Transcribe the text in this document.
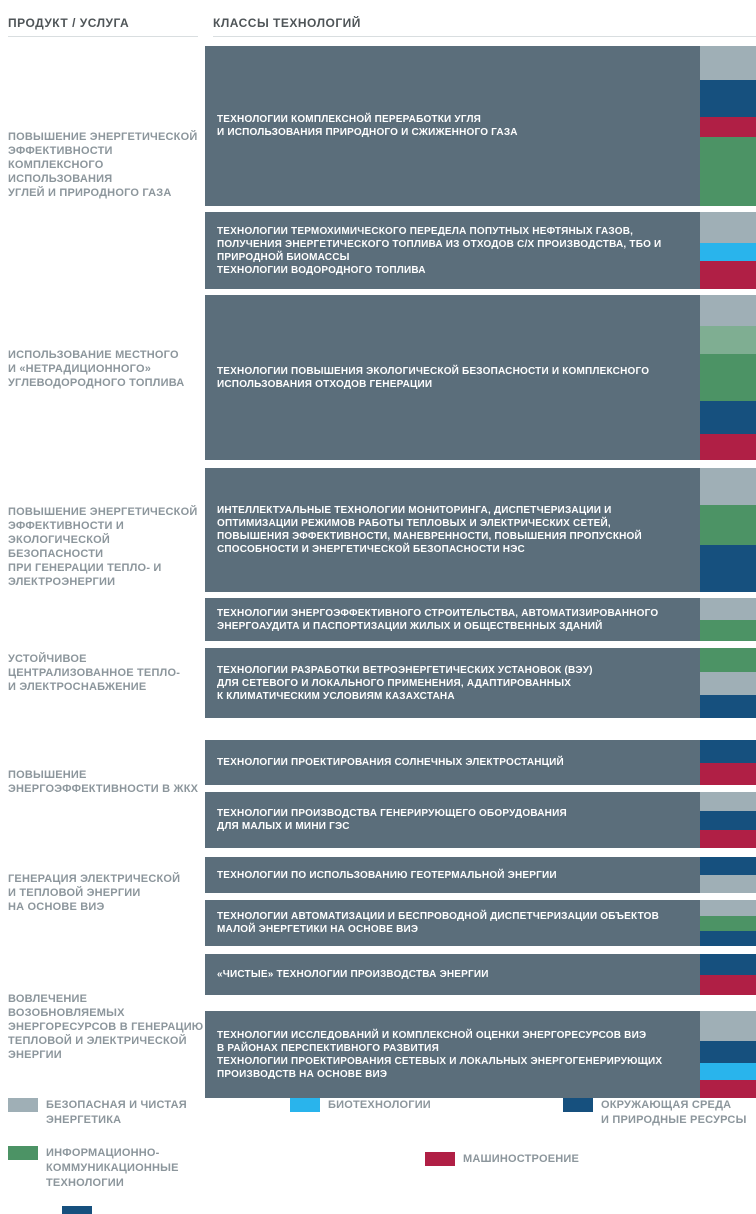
ПРОДУКТ / УСЛУГА	КЛАССЫ ТЕХНОЛОГИЙ
ПОВЫШЕНИЕ ЭНЕРГЕТИЧЕСКОЙ
ЭФФЕКТИВНОСТИ
КОМПЛЕКСНОГО ИСПОЛЬЗОВАНИЯ
УГЛЕЙ И ПРИРОДНОГО ГАЗА
ИСПОЛЬЗОВАНИЕ МЕСТНОГО
И «НЕТРАДИЦИОННОГО»
УГЛЕВОДОРОДНОГО ТОПЛИВА
ПОВЫШЕНИЕ ЭНЕРГЕТИЧЕСКОЙ
ЭФФЕКТИВНОСТИ И
ЭКОЛОГИЧЕСКОЙ БЕЗОПАСНОСТИ
ПРИ ГЕНЕРАЦИИ ТЕПЛО- И
ЭЛЕКТРОЭНЕРГИИ
УСТОЙЧИВОЕ
ЦЕНТРАЛИЗОВАННОЕ ТЕПЛО-
И ЭЛЕКТРОСНАБЖЕНИЕ
ПОВЫШЕНИЕ
ЭНЕРГОЭФФЕКТИВНОСТИ В ЖКХ
ГЕНЕРАЦИЯ ЭЛЕКТРИЧЕСКОЙ
И ТЕПЛОВОЙ ЭНЕРГИИ
НА ОСНОВЕ ВИЭ
ВОВЛЕЧЕНИЕ ВОЗОБНОВЛЯЕМЫХ
ЭНЕРГОРЕСУРСОВ В ГЕНЕРАЦИЮ
ТЕПЛОВОЙ И ЭЛЕКТРИЧЕСКОЙ
ЭНЕРГИИ
ТЕХНОЛОГИИ КОМПЛЕКСНОЙ ПЕРЕРАБОТКИ УГЛЯ
И ИСПОЛЬЗОВАНИЯ ПРИРОДНОГО И СЖИЖЕННОГО ГАЗА
ТЕХНОЛОГИИ ТЕРМОХИМИЧЕСКОГО ПЕРЕДЕЛА ПОПУТНЫХ НЕФТЯНЫХ ГАЗОВ,
ПОЛУЧЕНИЯ ЭНЕРГЕТИЧЕСКОГО ТОПЛИВА ИЗ ОТХОДОВ С/Х ПРОИЗВОДСТВА, ТБО И
ПРИРОДНОЙ БИОМАССЫ
ТЕХНОЛОГИИ ВОДОРОДНОГО ТОПЛИВА
ТЕХНОЛОГИИ ПОВЫШЕНИЯ ЭКОЛОГИЧЕСКОЙ БЕЗОПАСНОСТИ И КОМПЛЕКСНОГО
ИСПОЛЬЗОВАНИЯ ОТХОДОВ ГЕНЕРАЦИИ
ИНТЕЛЛЕКТУАЛЬНЫЕ ТЕХНОЛОГИИ МОНИТОРИНГА, ДИСПЕТЧЕРИЗАЦИИ И
ОПТИМИЗАЦИИ РЕЖИМОВ РАБОТЫ ТЕПЛОВЫХ И ЭЛЕКТРИЧЕСКИХ СЕТЕЙ,
ПОВЫШЕНИЯ ЭФФЕКТИВНОСТИ, МАНЕВРЕННОСТИ, ПОВЫШЕНИЯ ПРОПУСКНОЙ
СПОСОБНОСТИ И ЭНЕРГЕТИЧЕСКОЙ БЕЗОПАСНОСТИ НЭС
ТЕХНОЛОГИИ ЭНЕРГОЭФФЕКТИВНОГО СТРОИТЕЛЬСТВА, АВТОМАТИЗИРОВАННОГО
ЭНЕРГОАУДИТА И ПАСПОРТИЗАЦИИ ЖИЛЫХ И ОБЩЕСТВЕННЫХ ЗДАНИЙ
ТЕХНОЛОГИИ РАЗРАБОТКИ ВЕТРОЭНЕРГЕТИЧЕСКИХ УСТАНОВОК (ВЭУ)
ДЛЯ СЕТЕВОГО И ЛОКАЛЬНОГО ПРИМЕНЕНИЯ, АДАПТИРОВАННЫХ
К КЛИМАТИЧЕСКИМ УСЛОВИЯМ КАЗАХСТАНА
ТЕХНОЛОГИИ ПРОЕКТИРОВАНИЯ СОЛНЕЧНЫХ ЭЛЕКТРОСТАНЦИЙ
ТЕХНОЛОГИИ ПРОИЗВОДСТВА ГЕНЕРИРУЮЩЕГО ОБОРУДОВАНИЯ
ДЛЯ МАЛЫХ И МИНИ ГЭС
ТЕХНОЛОГИИ ПО ИСПОЛЬЗОВАНИЮ ГЕОТЕРМАЛЬНОЙ ЭНЕРГИИ
ТЕХНОЛОГИИ АВТОМАТИЗАЦИИ И БЕСПРОВОДНОЙ ДИСПЕТЧЕРИЗАЦИИ ОБЪЕКТОВ
МАЛОЙ ЭНЕРГЕТИКИ НА ОСНОВЕ ВИЭ
«ЧИСТЫЕ» ТЕХНОЛОГИИ ПРОИЗВОДСТВА ЭНЕРГИИ
ТЕХНОЛОГИИ ИССЛЕДОВАНИЙ И КОМПЛЕКСНОЙ ОЦЕНКИ ЭНЕРГОРЕСУРСОВ ВИЭ
В РАЙОНАХ ПЕРСПЕКТИВНОГО РАЗВИТИЯ
ТЕХНОЛОГИИ ПРОЕКТИРОВАНИЯ СЕТЕВЫХ И ЛОКАЛЬНЫХ ЭНЕРГОГЕНЕРИРУЮЩИХ
ПРОИЗВОДСТВ НА ОСНОВЕ ВИЭ
БЕЗОПАСНАЯ И ЧИСТАЯ
ЭНЕРГЕТИКА
БИОТЕХНОЛОГИИ	ОКРУЖАЮЩАЯ СРЕДА
И ПРИРОДНЫЕ РЕСУРСЫ
ИНФОРМАЦИОННО-
КОММУНИКАЦИОННЫЕ
ТЕХНОЛОГИИ
МАШИНОСТРОЕНИЕ
